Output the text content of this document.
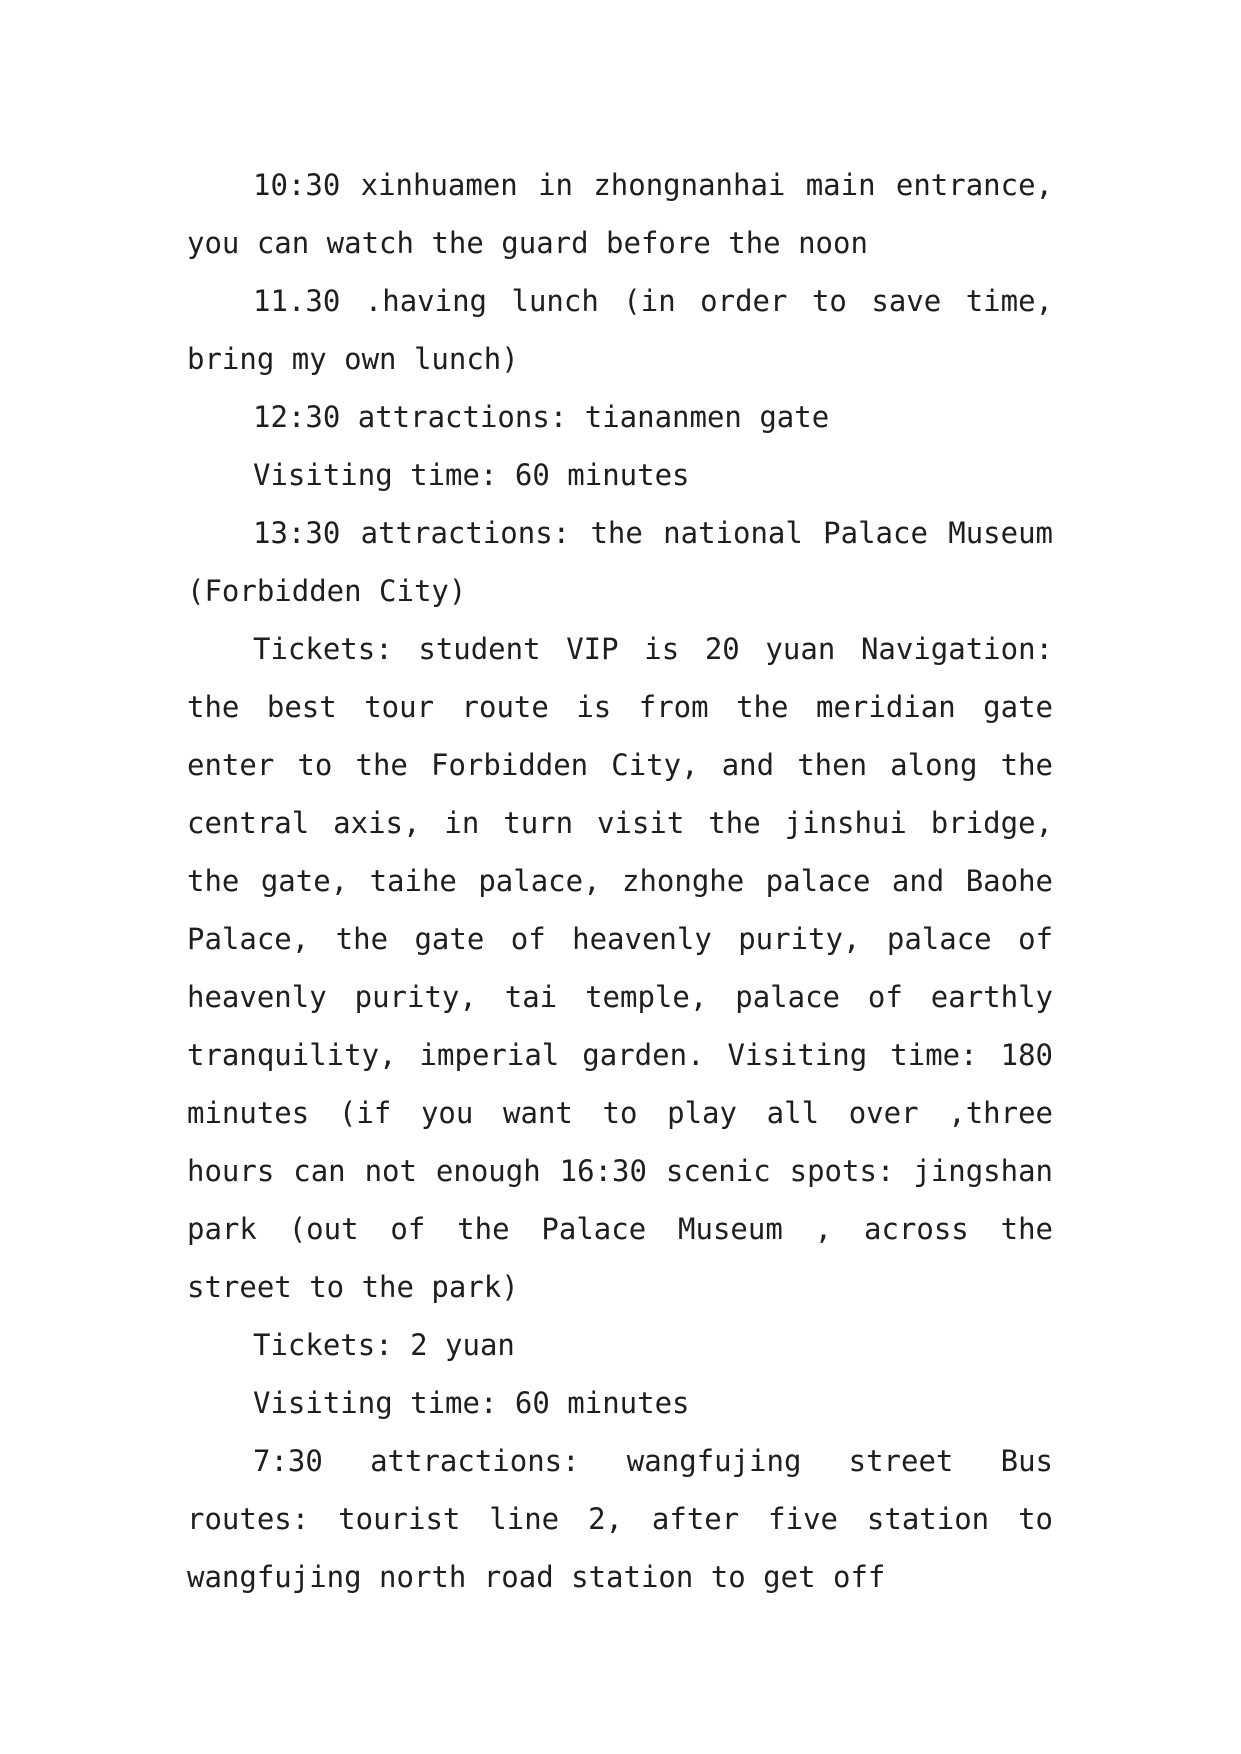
10:30 xinhuamen in zhongnanhai main entrance, you can watch the guard before the noon

11.30 .having lunch (in order to save time, bring my own lunch)

12:30 attractions: tiananmen gate

Visiting time: 60 minutes

13:30 attractions: the national Palace Museum (Forbidden City)

Tickets: student VIP is 20 yuan Navigation: the best tour route is from the meridian gate enter to the Forbidden City, and then along the central axis, in turn visit the jinshui bridge, the gate, taihe palace, zhonghe palace and Baohe Palace, the gate of heavenly purity, palace of heavenly purity, tai temple, palace of earthly tranquility, imperial garden. Visiting time: 180 minutes (if you want to play all over ,three hours can not enough 16:30 scenic spots: jingshan park (out of the Palace Museum , across the street to the park)

Tickets: 2 yuan

Visiting time: 60 minutes

7:30 attractions: wangfujing street Bus routes: tourist line 2, after five station to wangfujing north road station to get off
